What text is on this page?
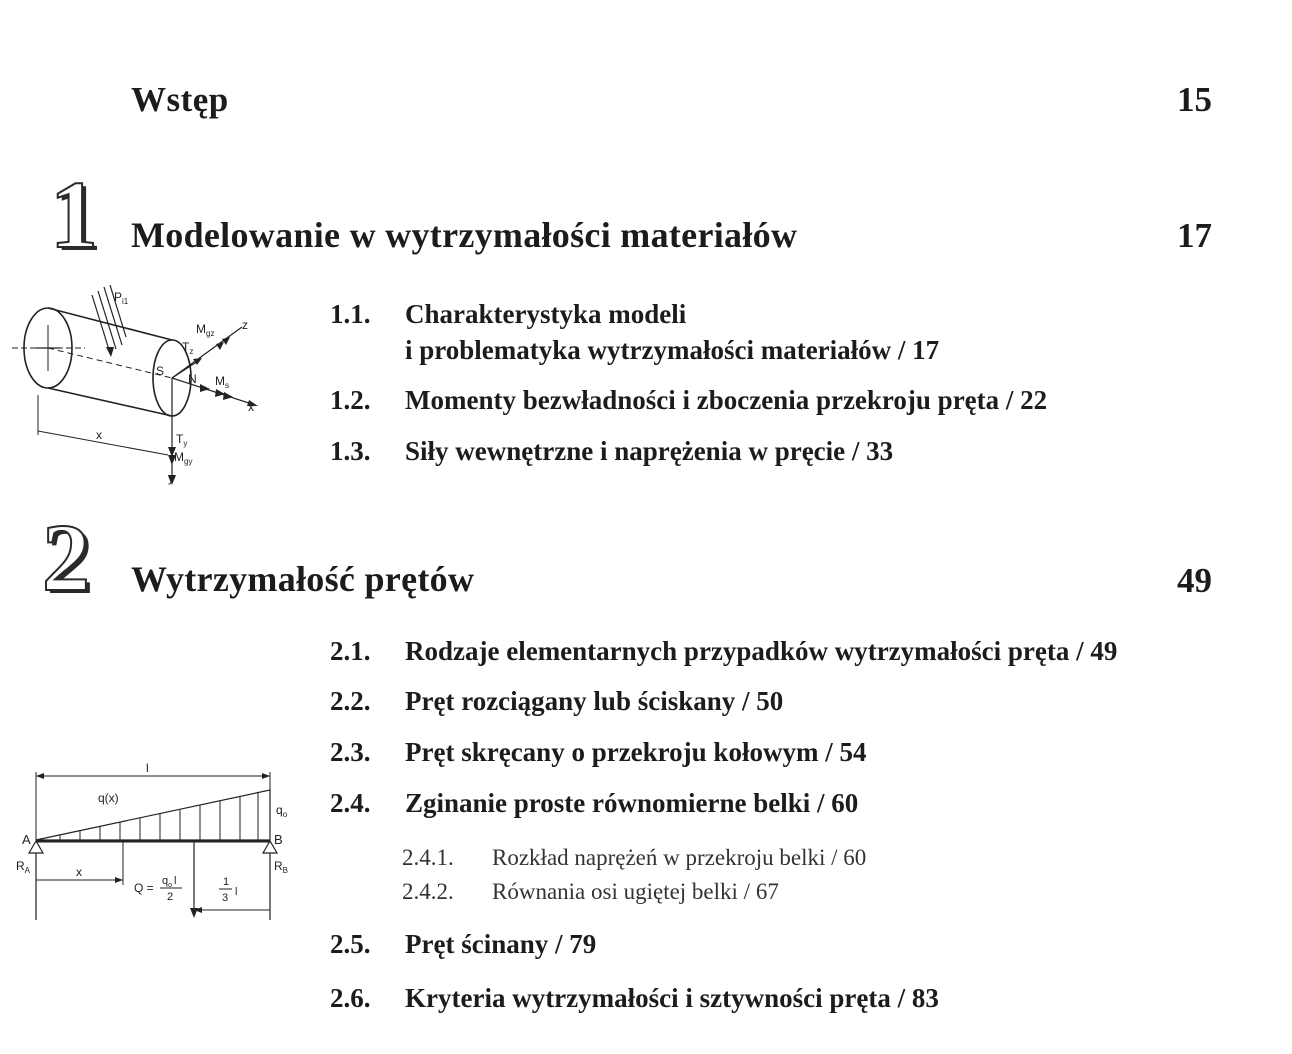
Wstęp	15
1 Modelowanie w wytrzymałości materiałów	17
x
z
$M_{gz}$
$T_z$
N $M_s$
S
$P_{i1}$
$T_y$
$M_{gy}$
y
x
1.1. Charakterystyka modeli
i problematyka wytrzymałości materiałów / 17
1.2. Momenty bezwładności i zboczenia przekroju pręta / 22
1.3. Siły wewnętrzne i naprężenia w pręcie / 33
2 Wytrzymałość prętów	49
l
q(x)
$q_o$
A	B
$R_A$	$R_B$
x
$Q = q_o$ l
2
1
3 l
2.1. Rodzaje elementarnych przypadków wytrzymałości pręta / 49
2.2. Pręt rozciągany lub ściskany / 50
2.3. Pręt skręcany o przekroju kołowym / 54
2.4. Zginanie proste równomierne belki / 60
2.4.1. Rozkład naprężeń w przekroju belki / 60
2.4.2. Równania osi ugiętej belki / 67
2.5. Pręt ścinany / 79
2.6. Kryteria wytrzymałości i sztywności pręta / 83
